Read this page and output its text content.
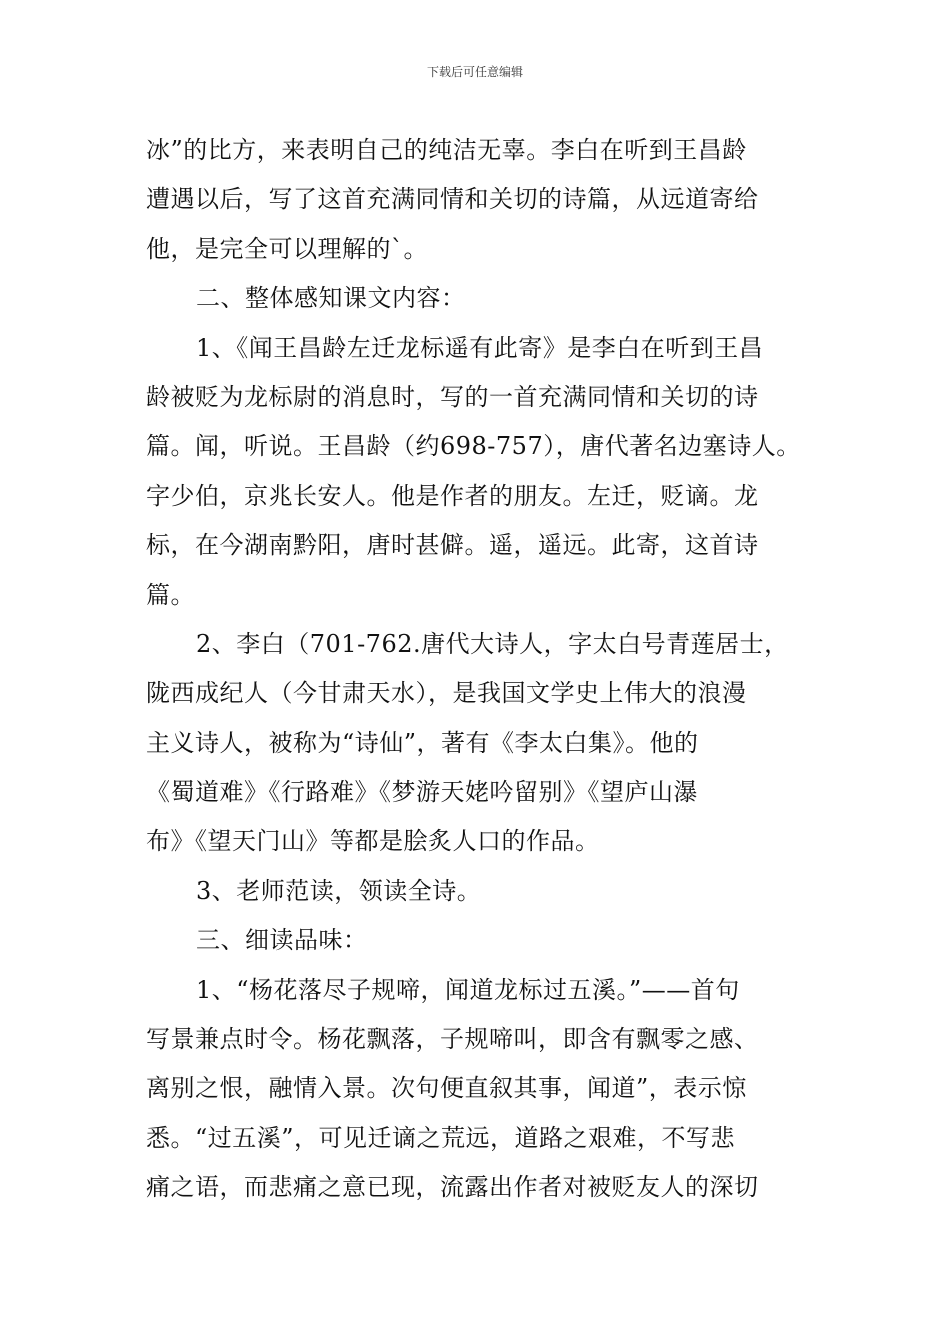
下载后可任意编辑
冰”的比方，来表明自己的纯洁无辜。李白在听到王昌龄
遭遇以后，写了这首充满同情和关切的诗篇，从远道寄给
他，是完全可以理解的`。
二、整体感知课文内容：
1、《闻王昌龄左迁龙标遥有此寄》是李白在听到王昌
龄被贬为龙标尉的消息时，写的一首充满同情和关切的诗
篇。闻，听说。王昌龄（约698-757），唐代著名边塞诗人。
字少伯，京兆长安人。他是作者的朋友。左迁，贬谪。龙
标，在今湖南黔阳，唐时甚僻。遥，遥远。此寄，这首诗
篇。
2、李白（701-762.唐代大诗人，字太白号青莲居士，
陇西成纪人（今甘肃天水），是我国文学史上伟大的浪漫
主义诗人，被称为“诗仙”，著有《李太白集》。他的
《蜀道难》《行路难》《梦游天姥吟留别》《望庐山瀑
布》《望天门山》等都是脍炙人口的作品。
3、老师范读，领读全诗。
三、细读品味：
1、“杨花落尽子规啼，闻道龙标过五溪。”——首句
写景兼点时令。杨花飘落，子规啼叫，即含有飘零之感、
离别之恨，融情入景。次句便直叙其事，闻道”，表示惊
悉。“过五溪”，可见迁谪之荒远，道路之艰难，不写悲
痛之语，而悲痛之意已现，流露出作者对被贬友人的深切
